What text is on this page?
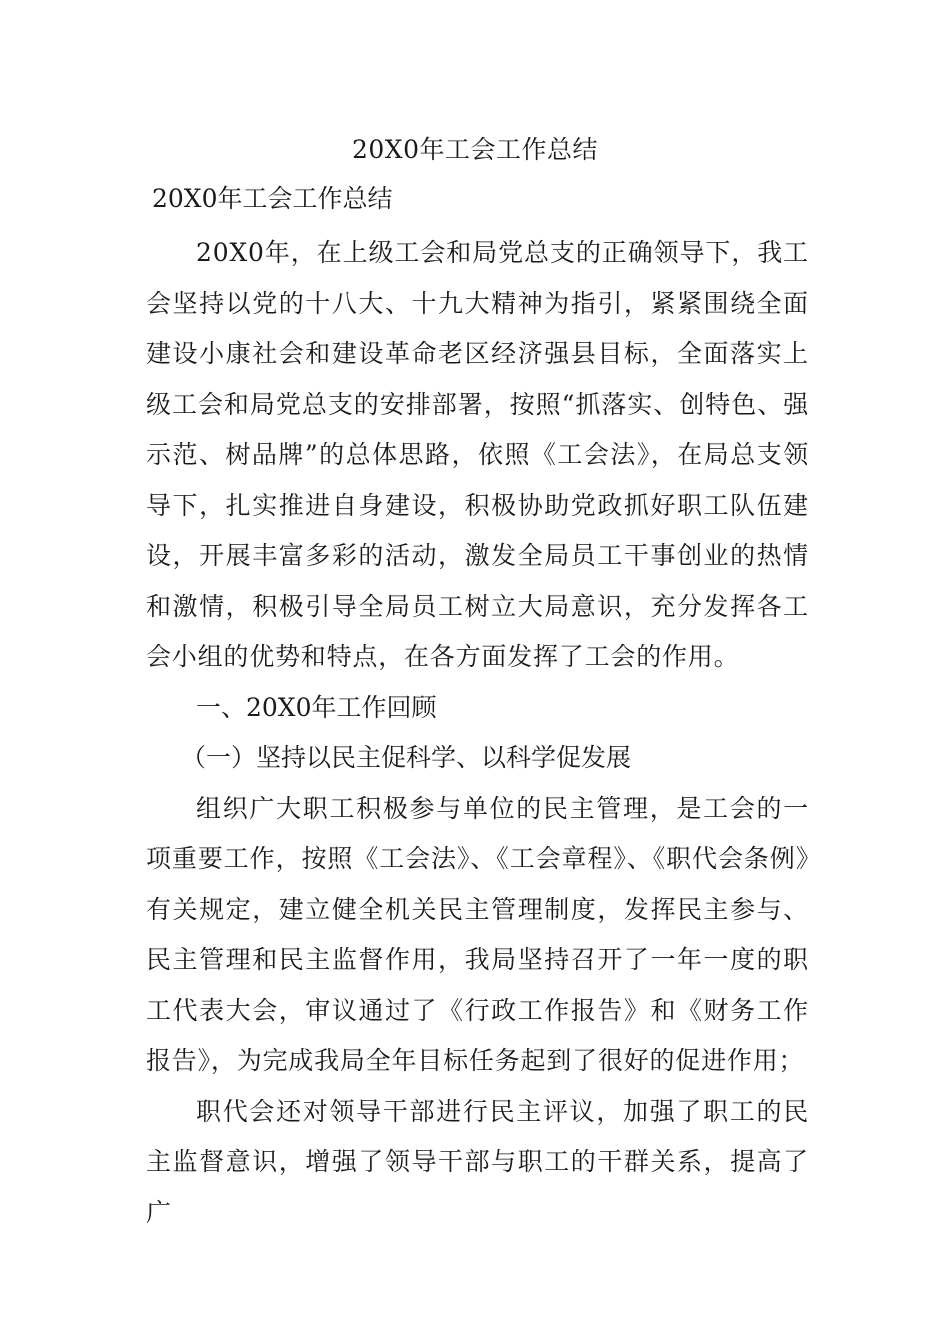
20X0年工会工作总结
20X0年工会工作总结

20X0年，在上级工会和局党总支的正确领导下，我工会坚持以党的十八大、十九大精神为指引，紧紧围绕全面建设小康社会和建设革命老区经济强县目标，全面落实上级工会和局党总支的安排部署，按照“抓落实、创特色、强示范、树品牌”的总体思路，依照《工会法》，在局总支领导下，扎实推进自身建设，积极协助党政抓好职工队伍建设，开展丰富多彩的活动，激发全局员工干事创业的热情和激情，积极引导全局员工树立大局意识，充分发挥各工会小组的优势和特点，在各方面发挥了工会的作用。

一、20X0年工作回顾

（一）坚持以民主促科学、以科学促发展

组织广大职工积极参与单位的民主管理，是工会的一项重要工作，按照《工会法》、《工会章程》、《职代会条例》有关规定，建立健全机关民主管理制度，发挥民主参与、民主管理和民主监督作用，我局坚持召开了一年一度的职工代表大会，审议通过了《行政工作报告》和《财务工作报告》，为完成我局全年目标任务起到了很好的促进作用；

职代会还对领导干部进行民主评议，加强了职工的民主监督意识，增强了领导干部与职工的干群关系，提高了广
